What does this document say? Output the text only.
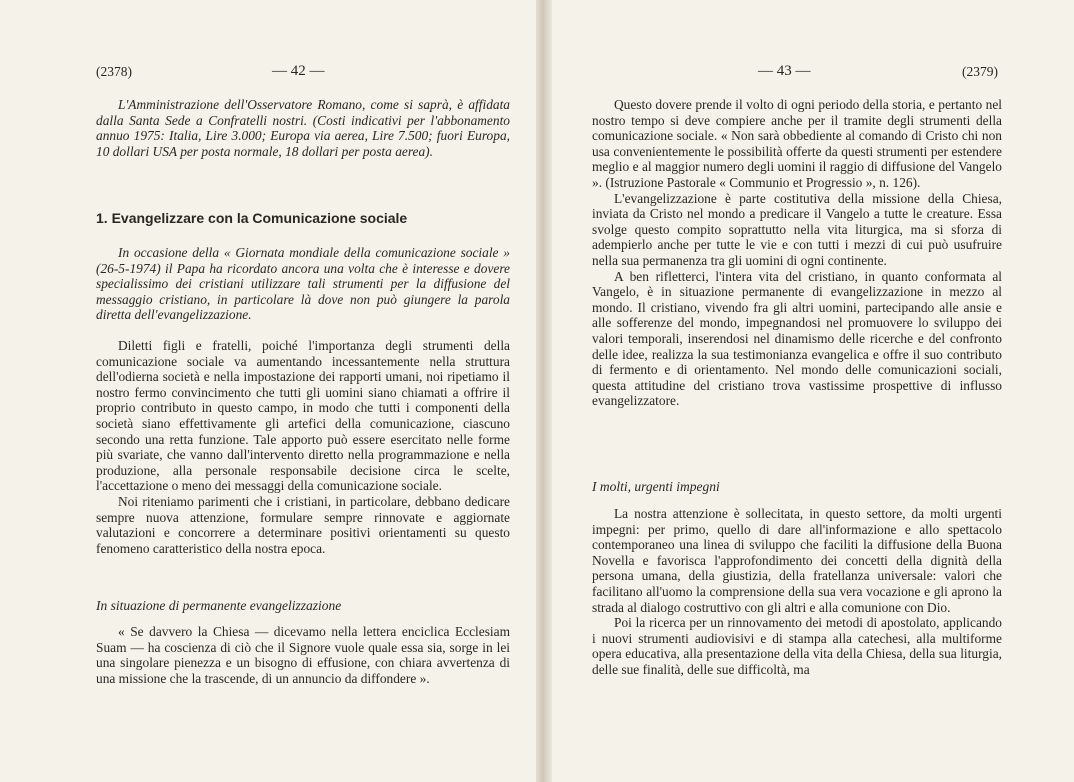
(2378)	— 42 —
L'Amministrazione dell'Osservatore Romano, come si saprà, è affidata dalla Santa Sede a Confratelli nostri. (Costi indicativi per l'abbonamento annuo 1975: Italia, Lire 3.000; Europa via aerea, Lire 7.500; fuori Europa, 10 dollari USA per posta normale, 18 dollari per posta aerea).
1. Evangelizzare con la Comunicazione sociale
In occasione della « Giornata mondiale della comunicazione sociale » (26-5-1974) il Papa ha ricordato ancora una volta che è interesse e dovere specialissimo dei cristiani utilizzare tali strumenti per la diffusione del messaggio cristiano, in particolare là dove non può giungere la parola diretta dell'evangelizzazione.

Diletti figli e fratelli, poiché l'importanza degli strumenti della comunicazione sociale va aumentando incessantemente nella struttura dell'odierna società e nella impostazione dei rapporti umani, noi ripetiamo il nostro fermo convincimento che tutti gli uomini siano chiamati a offrire il proprio contributo in questo campo, in modo che tutti i componenti della società siano effettivamente gli artefici della comunicazione, ciascuno secondo una retta funzione. Tale apporto può essere esercitato nelle forme più svariate, che vanno dall'intervento diretto nella programmazione e nella produzione, alla personale responsabile decisione circa le scelte, l'accettazione o meno dei messaggi della comunicazione sociale.

Noi riteniamo parimenti che i cristiani, in particolare, debbano dedicare sempre nuova attenzione, formulare sempre rinnovate e aggiornate valutazioni e concorrere a determinare positivi orientamenti su questo fenomeno caratteristico della nostra epoca.

In situazione di permanente evangelizzazione
« Se davvero la Chiesa — dicevamo nella lettera enciclica Ecclesiam Suam — ha coscienza di ciò che il Signore vuole quale essa sia, sorge in lei una singolare pienezza e un bisogno di effusione, con chiara avvertenza di una missione che la trascende, di un annuncio da diffondere ».
— 43 —	(2379)

Questo dovere prende il volto di ogni periodo della storia, e pertanto nel nostro tempo si deve compiere anche per il tramite degli strumenti della comunicazione sociale. « Non sarà obbediente al comando di Cristo chi non usa convenientemente le possibilità offerte da questi strumenti per estendere meglio e al maggior numero degli uomini il raggio di diffusione del Vangelo ». (Istruzione Pastorale « Communio et Progressio », n. 126).

L'evangelizzazione è parte costitutiva della missione della Chiesa, inviata da Cristo nel mondo a predicare il Vangelo a tutte le creature. Essa svolge questo compito soprattutto nella vita liturgica, ma si sforza di adempierlo anche per tutte le vie e con tutti i mezzi di cui può usufruire nella sua permanenza tra gli uomini di ogni continente.

A ben rifletterci, l'intera vita del cristiano, in quanto conformata al Vangelo, è in situazione permanente di evangelizzazione in mezzo al mondo. Il cristiano, vivendo fra gli altri uomini, partecipando alle ansie e alle sofferenze del mondo, impegnandosi nel promuovere lo sviluppo dei valori temporali, inserendosi nel dinamismo delle ricerche e del confronto delle idee, realizza la sua testimonianza evangelica e offre il suo contributo di fermento e di orientamento. Nel mondo delle comunicazioni sociali, questa attitudine del cristiano trova vastissime prospettive di influsso evangelizzatore.

I molti, urgenti impegni

La nostra attenzione è sollecitata, in questo settore, da molti urgenti impegni: per primo, quello di dare all'informazione e allo spettacolo contemporaneo una linea di sviluppo che faciliti la diffusione della Buona Novella e favorisca l'approfondimento dei concetti della dignità della persona umana, della giustizia, della fratellanza universale: valori che facilitano all'uomo la comprensione della sua vera vocazione e gli aprono la strada al dialogo costruttivo con gli altri e alla comunione con Dio.

Poi la ricerca per un rinnovamento dei metodi di apostolato, applicando i nuovi strumenti audiovisivi e di stampa alla catechesi, alla multiforme opera educativa, alla presentazione della vita della Chiesa, della sua liturgia, delle sue finalità, delle sue difficoltà, ma
